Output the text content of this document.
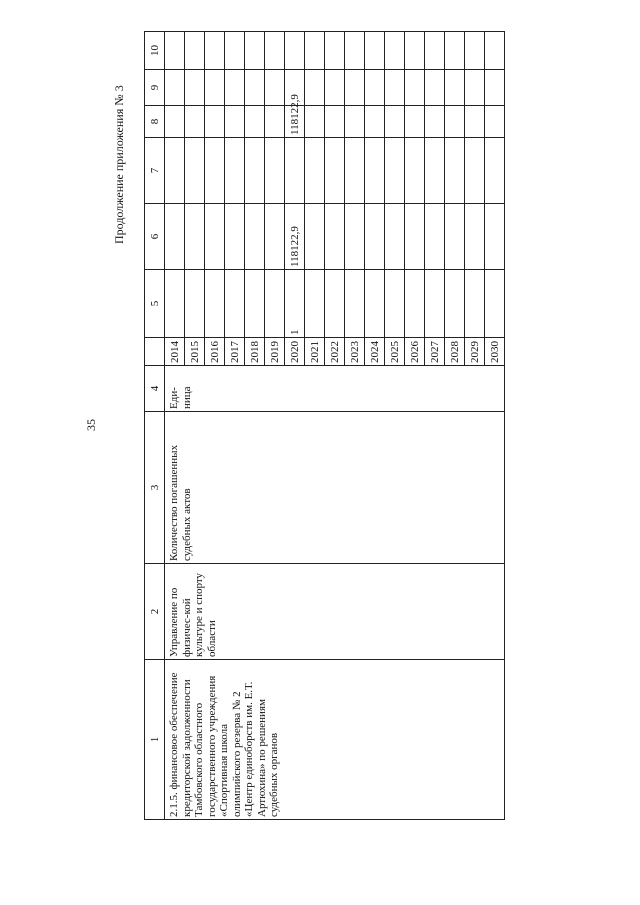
35
Продолжение приложения № 3
1	2	3	4		5	6	7	8	9	10
2.1.5. финансовое обеспечение кредиторской задолженности Тамбовского областного государственного учреждения «Спортивная школа олимпийского резерва № 2 «Центр единоборств им. Е.Т. Артюхина» по решениям судебных органов	Управление по физичес-кой культуре и спорту области	Количество погашенных судебных актов	Еди-ница	2014						
				2015						
				2016						
				2017						
				2018						
				2019						
				2020	1	118122,9		118122,9		
				2021						
				2022						
				2023						
				2024						
				2025						
				2026						
				2027						
				2028						
				2029						
				2030						
